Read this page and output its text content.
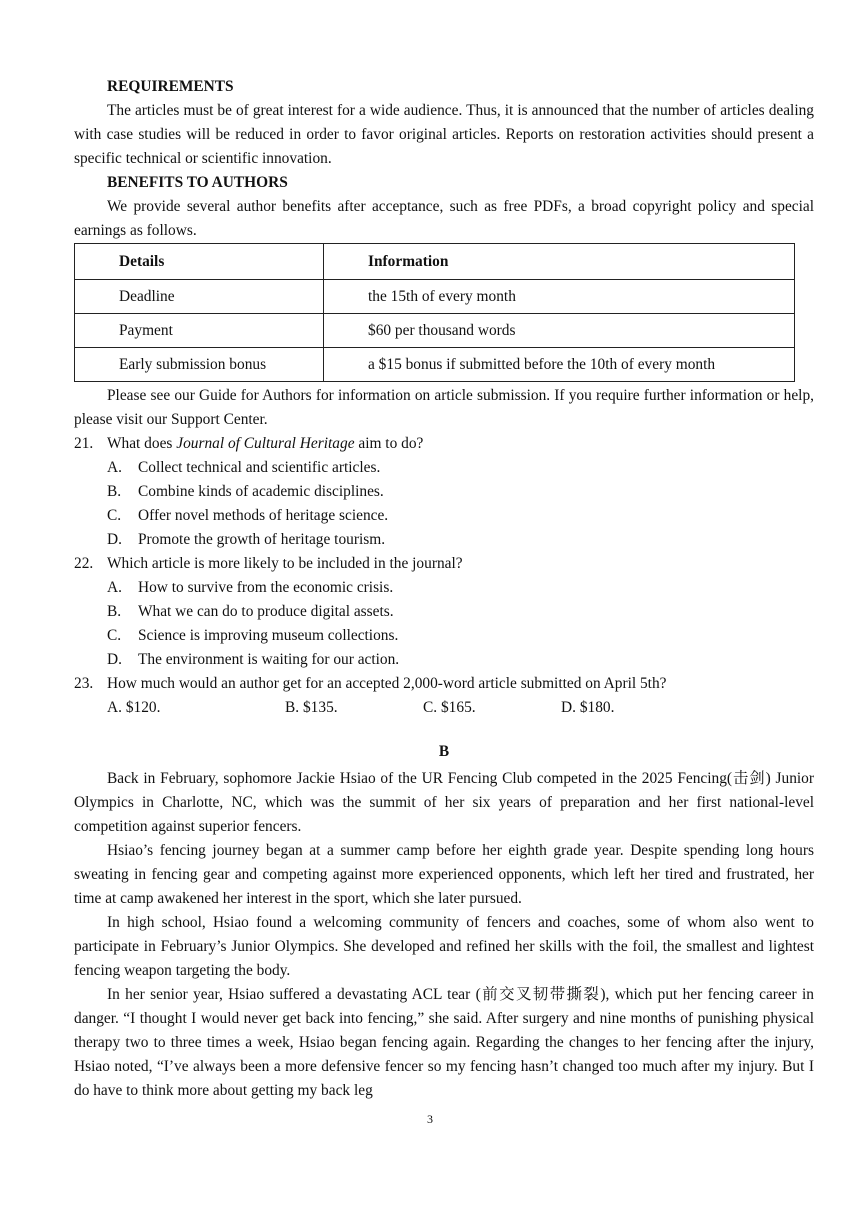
REQUIREMENTS

The articles must be of great interest for a wide audience. Thus, it is announced that the number of articles dealing with case studies will be reduced in order to favor original articles. Reports on restoration activities should present a specific technical or scientific innovation.

BENEFITS TO AUTHORS

We provide several author benefits after acceptance, such as free PDFs, a broad copyright policy and special earnings as follows.

Details	Information
Deadline	the 15th of every month
Payment	$60 per thousand words
Early submission bonus	a $15 bonus if submitted before the 10th of every month

Please see our Guide for Authors for information on article submission. If you require further information or help, please visit our Support Center.

21. What does Journal of Cultural Heritage aim to do?
A. Collect technical and scientific articles.
B. Combine kinds of academic disciplines.
C. Offer novel methods of heritage science.
D. Promote the growth of heritage tourism.
22. Which article is more likely to be included in the journal?
A. How to survive from the economic crisis.
B. What we can do to produce digital assets.
C. Science is improving museum collections.
D. The environment is waiting for our action.
23. How much would an author get for an accepted 2,000-word article submitted on April 5th?
A. $120.	B. $135.	C. $165.	D. $180.
B

Back in February, sophomore Jackie Hsiao of the UR Fencing Club competed in the 2025 Fencing(击剑) Junior Olympics in Charlotte, NC, which was the summit of her six years of preparation and her first national-level competition against superior fencers.

Hsiao’s fencing journey began at a summer camp before her eighth grade year. Despite spending long hours sweating in fencing gear and competing against more experienced opponents, which left her tired and frustrated, her time at camp awakened her interest in the sport, which she later pursued.

In high school, Hsiao found a welcoming community of fencers and coaches, some of whom also went to participate in February’s Junior Olympics. She developed and refined her skills with the foil, the smallest and lightest fencing weapon targeting the body.

In her senior year, Hsiao suffered a devastating ACL tear (前交叉韧带撕裂), which put her fencing career in danger. “I thought I would never get back into fencing,” she said. After surgery and nine months of punishing physical therapy two to three times a week, Hsiao began fencing again. Regarding the changes to her fencing after the injury, Hsiao noted, “I’ve always been a more defensive fencer so my fencing hasn’t changed too much after my injury. But I do have to think more about getting my back leg

3
